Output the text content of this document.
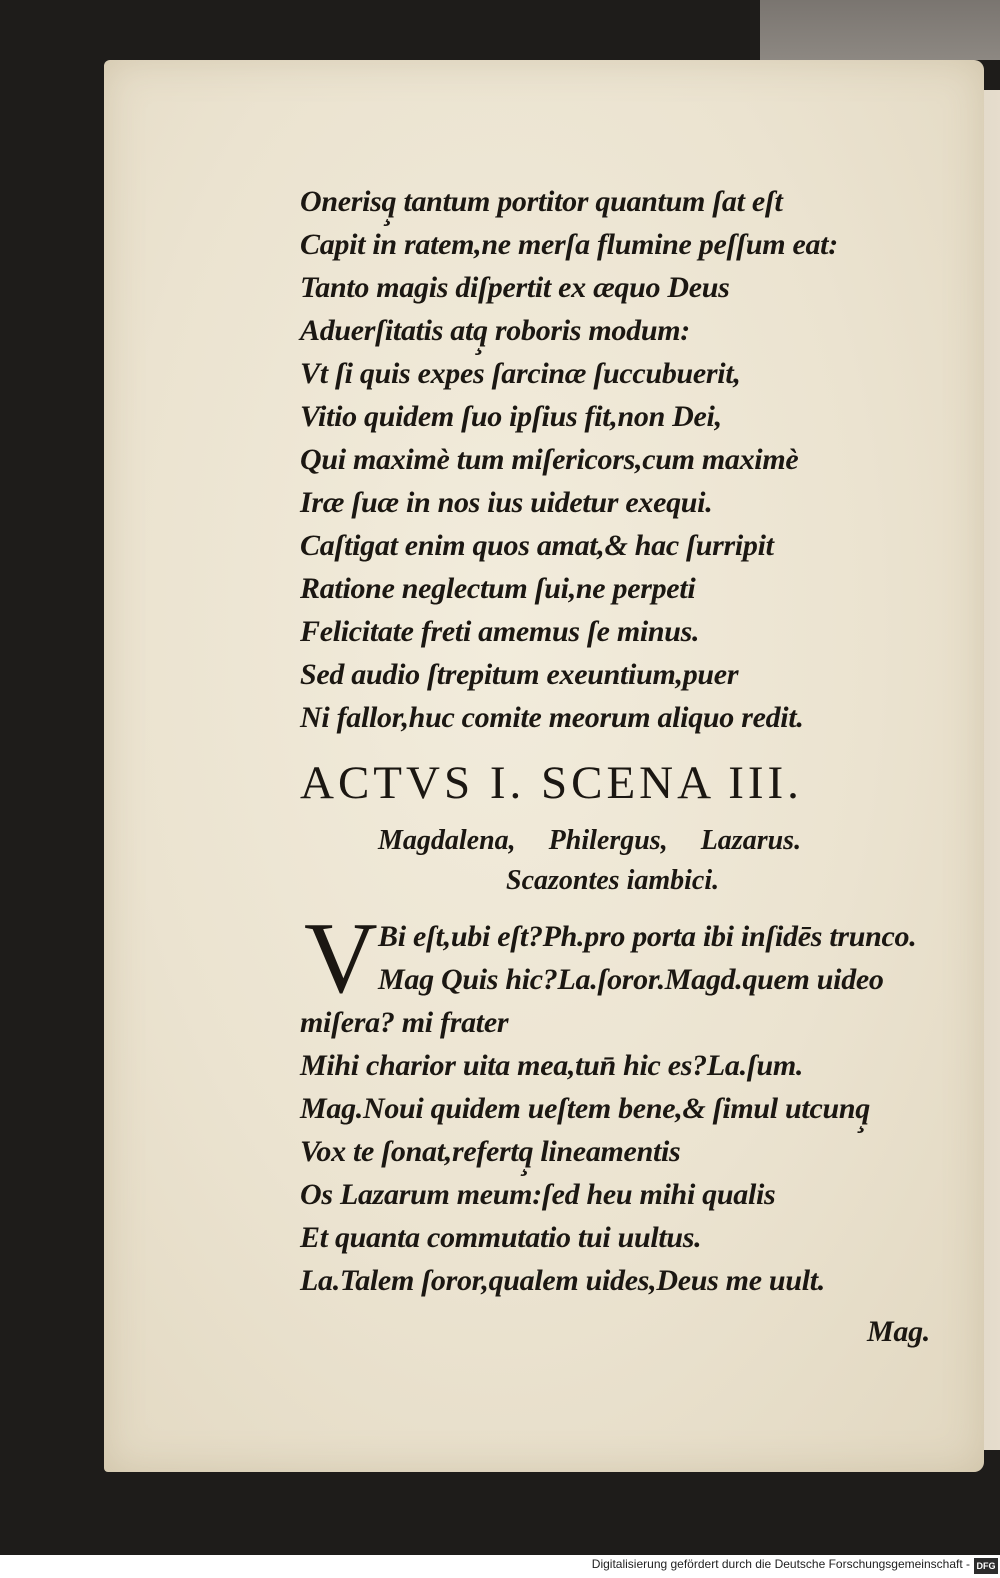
Onerisq̧ tantum portitor quantum ſat eſt
Capit in ratem,ne merſa flumine peſſum eat:
Tanto magis diſpertit ex æquo Deus
Aduerſitatis atq̧ roboris modum:
Vt ſi quis expes ſarcinæ ſuccubuerit,
Vitio quidem ſuo ipſius fit,non Dei,
Qui maximè tum miſericors,cum maximè
Iræ ſuæ in nos ius uidetur exequi.
Caſtigat enim quos amat,& hac ſurripit
Ratione neglectum ſui,ne perpeti
Felicitate freti amemus ſe minus.
Sed audio ſtrepitum exeuntium,puer
Ni fallor,huc comite meorum aliquo redit.
ACTVS I. SCENA III.
Magdalena, Philergus, Lazarus.
Scazontes iambici.
V Bi eſt,ubi eſt?Ph.pro porta ibi inſidēs trunco.
Mag Quis hic?La.ſoror.Magd.quem uideo
miſera? mi frater
Mihi charior uita mea,tun̄ hic es?La.ſum.
Mag.Noui quidem ueſtem bene,& ſimul utcunq̧
Vox te ſonat,refertq̧ lineamentis
Os Lazarum meum:ſed heu mihi qualis
Et quanta commutatio tui uultus.
La.Talem ſoror,qualem uides,Deus me uult.
Mag.
Digitalisierung gefördert durch die Deutsche Forschungsgemeinschaft - DFG
